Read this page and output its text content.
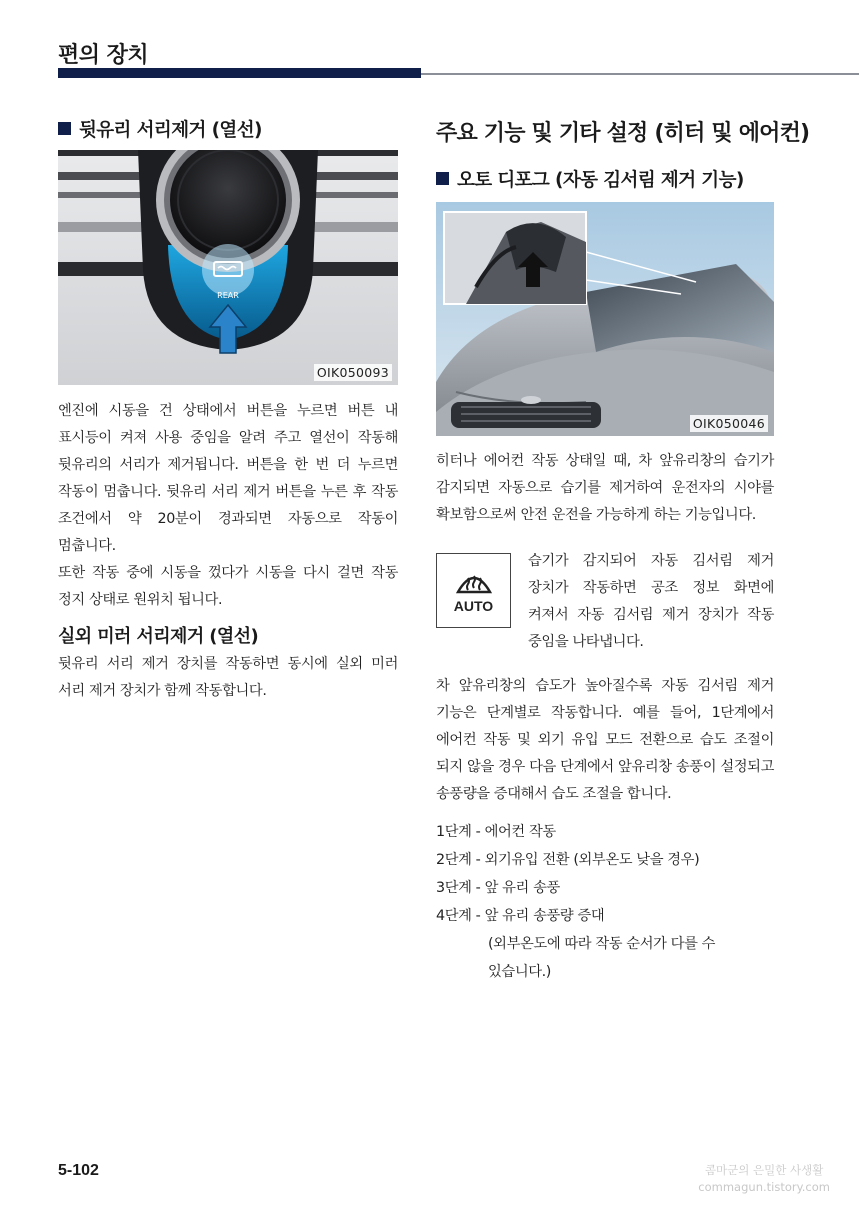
편의 장치
뒷유리 서리제거 (열선)
REAR
OIK050093

엔진에 시동을 건 상태에서 버튼을 누르면 버튼 내 표시등이 켜져 사용 중임을 알려 주고 열선이 작동해 뒷유리의 서리가 제거됩니다. 버튼을 한 번 더 누르면 작동이 멈춥니다. 뒷유리 서리 제거 버튼을 누른 후 작동 조건에서 약 20분이 경과되면 자동으로 작동이 멈춥니다.

또한 작동 중에 시동을 껐다가 시동을 다시 걸면 작동 정지 상태로 원위치 됩니다.

실외 미러 서리제거 (열선)

뒷유리 서리 제거 장치를 작동하면 동시에 실외 미러 서리 제거 장치가 함께 작동합니다.

주요 기능 및 기타 설정 (히터 및 에어컨)
오토 디포그 (자동 김서림 제거 기능)
OIK050046

히터나 에어컨 작동 상태일 때, 차 앞유리창의 습기가 감지되면 자동으로 습기를 제거하여 운전자의 시야를 확보함으로써 안전 운전을 가능하게 하는 기능입니다.

AUTO

습기가 감지되어 자동 김서림 제거 장치가 작동하면 공조 정보 화면에 켜져서 자동 김서림 제거 장치가 작동 중임을 나타냅니다.

차 앞유리창의 습도가 높아질수록 자동 김서림 제거 기능은 단계별로 작동합니다. 예를 들어, 1단계에서 에어컨 작동 및 외기 유입 모드 전환으로 습도 조절이 되지 않을 경우 다음 단계에서 앞유리창 송풍이 설정되고 송풍량을 증대해서 습도 조절을 합니다.

1단계 - 에어컨 작동
2단계 - 외기유입 전환 (외부온도 낮을 경우)
3단계 - 앞 유리 송풍
4단계 - 앞 유리 송풍량 증대
(외부온도에 따라 작동 순서가 다를 수 있습니다.)
5-102	콤마군의 은밀한 사생활
commagun.tistory.com
